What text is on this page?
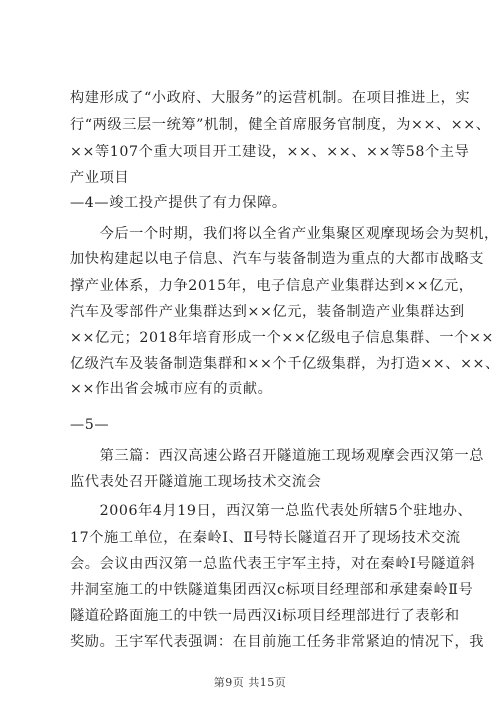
构建形成了“小政府、大服务”的运营机制。在项目推进上，实
行“两级三层一统筹”机制，健全首席服务官制度，为××、××、
××等107个重大项目开工建设，××、××、××等58个主导
产业项目
—4—竣工投产提供了有力保障。
　　今后一个时期，我们将以全省产业集聚区观摩现场会为契机，
加快构建起以电子信息、汽车与装备制造为重点的大都市战略支
撑产业体系，力争2015年，电子信息产业集群达到××亿元，
汽车及零部件产业集群达到××亿元，装备制造产业集群达到
××亿元；2018年培育形成一个××亿级电子信息集群、一个××
亿级汽车及装备制造集群和××个千亿级集群，为打造××、××、
××作出省会城市应有的贡献。
—5—
　　第三篇：西汉高速公路召开隧道施工现场观摩会西汉第一总
监代表处召开隧道施工现场技术交流会
　　2006年4月19日，西汉第一总监代表处所辖5个驻地办、
17个施工单位，在秦岭Ⅰ、Ⅱ号特长隧道召开了现场技术交流
会。会议由西汉第一总监代表王宇军主持，对在秦岭Ⅰ号隧道斜
井洞室施工的中铁隧道集团西汉c标项目经理部和承建秦岭Ⅱ号
隧道砼路面施工的中铁一局西汉i标项目经理部进行了表彰和
奖励。王宇军代表强调：在目前施工任务非常紧迫的情况下，我
第9页 共15页
